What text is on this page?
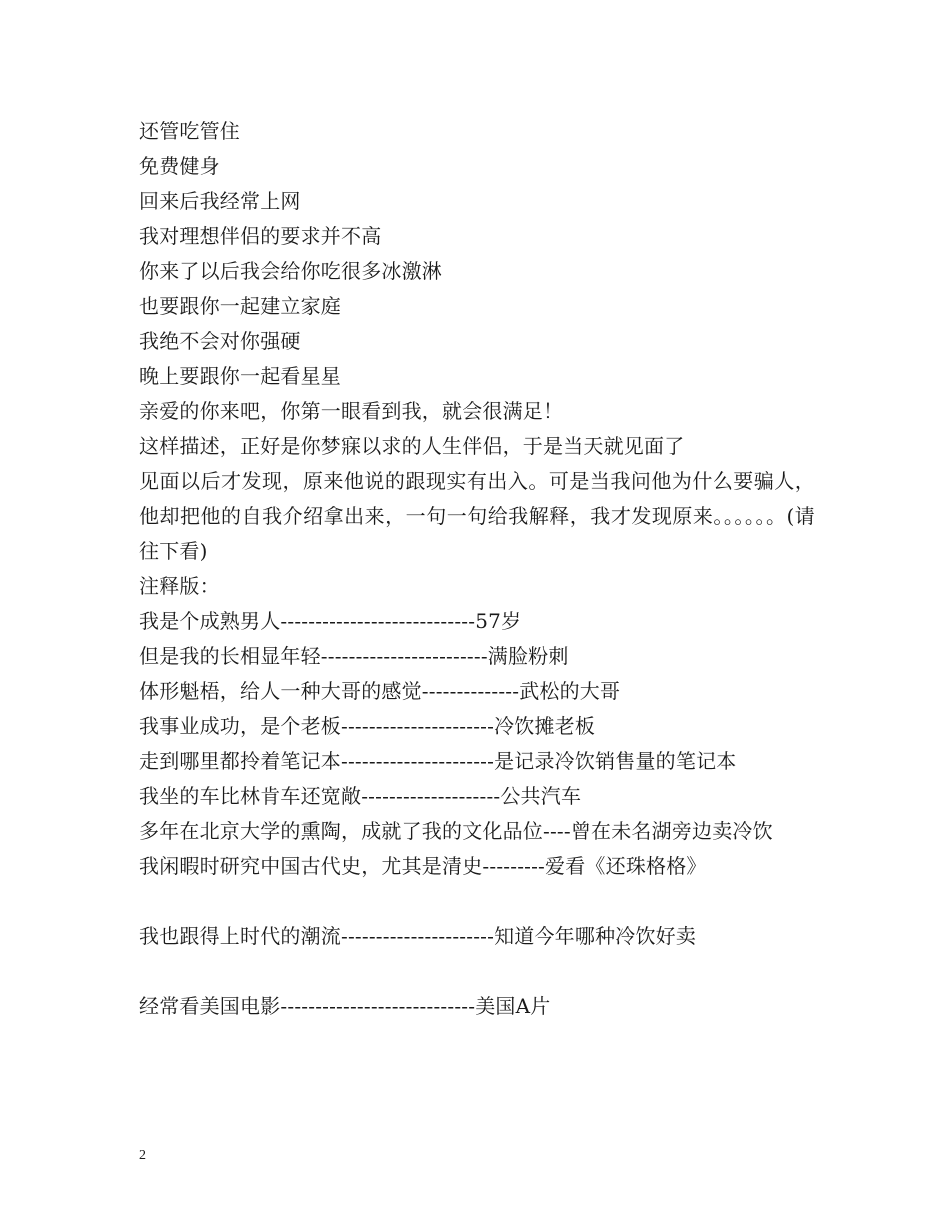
还管吃管住
免费健身
回来后我经常上网
我对理想伴侣的要求并不高
你来了以后我会给你吃很多冰激淋
也要跟你一起建立家庭
我绝不会对你强硬
晚上要跟你一起看星星
亲爱的你来吧，你第一眼看到我，就会很满足！
这样描述，正好是你梦寐以求的人生伴侣，于是当天就见面了
见面以后才发现，原来他说的跟现实有出入。可是当我问他为什么要骗人，他却把他的自我介绍拿出来，一句一句给我解释，我才发现原来。。。。。。(请往下看)
注释版：
我是个成熟男人----------------------------57岁
但是我的长相显年轻------------------------满脸粉刺
体形魁梧，给人一种大哥的感觉--------------武松的大哥
我事业成功，是个老板----------------------冷饮摊老板
走到哪里都拎着笔记本----------------------是记录冷饮销售量的笔记本
我坐的车比林肯车还宽敞--------------------公共汽车
多年在北京大学的熏陶，成就了我的文化品位----曾在未名湖旁边卖冷饮
我闲暇时研究中国古代史，尤其是清史---------爱看《还珠格格》
我也跟得上时代的潮流----------------------知道今年哪种冷饮好卖
经常看美国电影----------------------------美国A片
2
